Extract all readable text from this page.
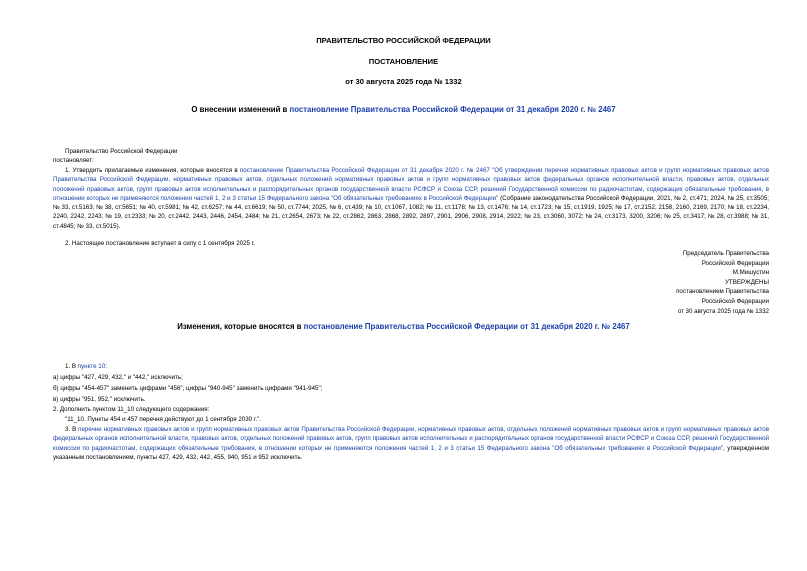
ПРАВИТЕЛЬСТВО РОССИЙСКОЙ ФЕДЕРАЦИИ
ПОСТАНОВЛЕНИЕ
от 30 августа 2025 года № 1332
О внесении изменений в постановление Правительства Российской Федерации от 31 декабря 2020 г. № 2467
Правительство Российской Федерации
постановляет:
1. Утвердить прилагаемые изменения, которые вносятся в постановление Правительства Российской Федерации от 31 декабря 2020 г. № 2467 "Об утверждении перечня нормативных правовых актов и групп нормативных правовых актов Правительства Российской Федерации, нормативных правовых актов, отдельных положений нормативных правовых актов и групп нормативных правовых актов федеральных органов исполнительной власти, правовых актов, отдельных положений правовых актов, групп правовых актов исполнительных и распорядительных органов государственной власти РСФСР и Союза ССР, решений Государственной комиссии по радиочастотам, содержащих обязательные требования, в отношении которых не применяются положения частей 1, 2 и 3 статьи 15 Федерального закона "Об обязательных требованиях в Российской Федерации" (Собрание законодательства Российской Федерации, 2021, № 2, ст.471; 2024, № 25, ст.3505; № 33, ст.5163; № 38, ст.5651; № 40, ст.5981; № 42, ст.6257; № 44, ст.6619; № 50, ст.7744; 2025, № 6, ст.439; № 10, ст.1067, 1082; № 11, ст.1178; № 13, ст.1476; № 14, ст.1723; № 15, ст.1919, 1925; № 17, ст.2152, 2158, 2160, 2169, 2170; № 18, ст.2234, 2240, 2242, 2243; № 19, ст.2333; № 20, ст.2442, 2443, 2446, 2454, 2484; № 21, ст.2654, 2673; № 22, ст.2862, 2863, 2868, 2892, 2897, 2901, 2906, 2908, 2914, 2922; № 23, ст.3060, 3072; № 24, ст.3173, 3200, 3206; № 25, ст.3417; № 28, ст.3988; № 31, ст.4845; № 33, ст.5015).
2. Настоящее постановление вступает в силу с 1 сентября 2025 г.
Председатель Правительства
Российской Федерации
М.Мишустин
УТВЕРЖДЕНЫ
постановлением Правительства
Российской Федерации
от 30 августа 2025 года № 1332
Изменения, которые вносятся в постановление Правительства Российской Федерации от 31 декабря 2020 г. № 2467
1. В пункте 10:
а) цифры "427, 429, 432," и "442," исключить;
б) цифры "454-457" заменить цифрами "456", цифры "940-945" заменить цифрами "941-945";
в) цифры "951, 952," исключить.
2. Дополнить пунктом 11_10 следующего содержания:
"11_10. Пункты 454 и 457 перечня действуют до 1 сентября 2030 г.".
3. В перечне нормативных правовых актов и групп нормативных правовых актов Правительства Российской Федерации, нормативных правовых актов, отдельных положений нормативных правовых актов и групп нормативных правовых актов федеральных органов исполнительной власти, правовых актов, отдельных положений правовых актов, групп правовых актов исполнительных и распорядительных органов государственной власти РСФСР и Союза ССР, решений Государственной комиссии по радиочастотам, содержащих обязательные требования, в отношении которых не применяются положения частей 1, 2 и 3 статьи 15 Федерального закона "Об обязательных требованиях в Российской Федерации", утвержденном указанным постановлением, пункты 427, 429, 432, 442, 455, 940, 951 и 952 исключить.
